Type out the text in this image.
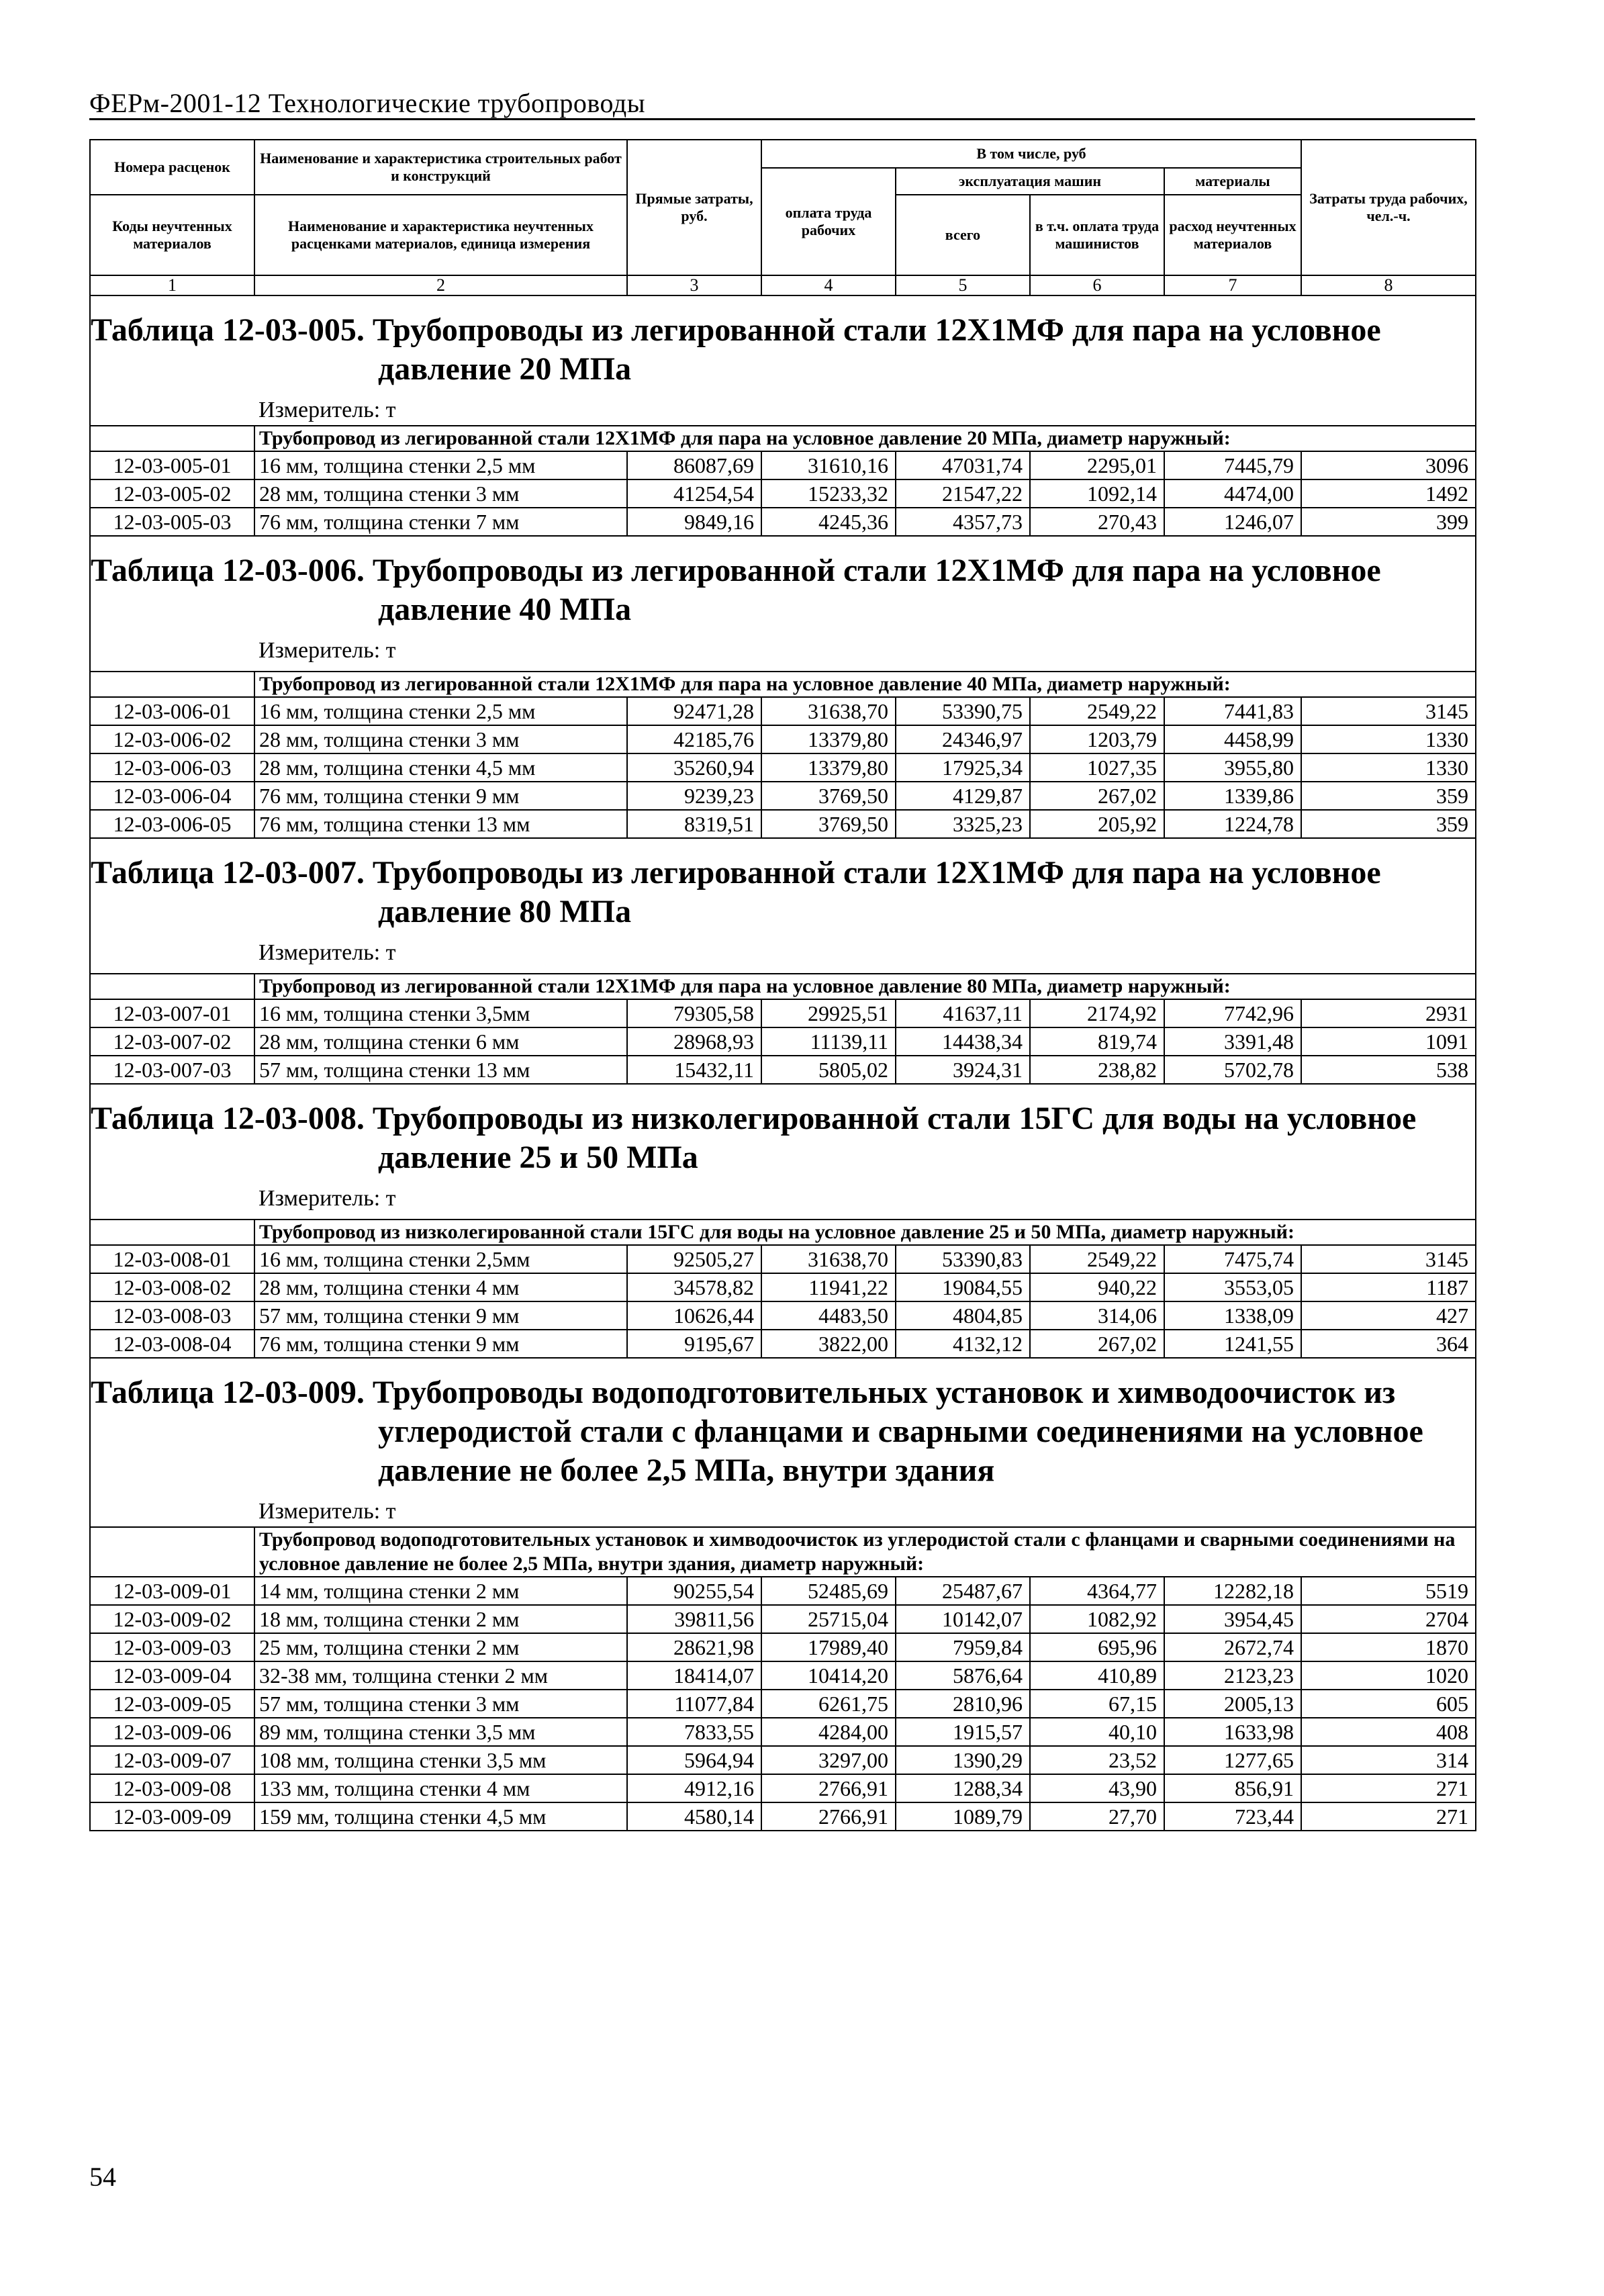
ФЕРм-2001-12 Технологические трубопроводы
Номера расценок	Наименование и характеристика строительных работ и конструкций	Прямые затраты, руб.	В том числе, руб				Затраты труда рабочих, чел.-ч.
			оплата труда рабочих	эксплуатация машин		материалы	
Коды неучтенных материалов	Наименование и характеристика неучтенных расценками материалов, единица измерения			всего	в т.ч. оплата труда машинистов	расход неучтенных материалов	

1	2	3	4	5	6	7	8

Таблица 12-03-005. Трубопроводы из легированной стали 12Х1МФ для пара на условное
давление 20 МПа
Измеритель: т							

	Трубопровод из легированной стали 12Х1МФ для пара на условное давление 20 МПа, диаметр наружный:						
12-03-005-01	16 мм, толщина стенки 2,5 мм	86087,69	31610,16	47031,74	2295,01	7445,79	3096
12-03-005-02	28 мм, толщина стенки 3 мм	41254,54	15233,32	21547,22	1092,14	4474,00	1492
12-03-005-03	76 мм, толщина стенки 7 мм	9849,16	4245,36	4357,73	270,43	1246,07	399

Таблица 12-03-006. Трубопроводы из легированной стали 12Х1МФ для пара на условное
давление 40 МПа
Измеритель: т							

	Трубопровод из легированной стали 12Х1МФ для пара на условное давление 40 МПа, диаметр наружный:						
12-03-006-01	16 мм, толщина стенки 2,5 мм	92471,28	31638,70	53390,75	2549,22	7441,83	3145
12-03-006-02	28 мм, толщина стенки 3 мм	42185,76	13379,80	24346,97	1203,79	4458,99	1330
12-03-006-03	28 мм, толщина стенки 4,5 мм	35260,94	13379,80	17925,34	1027,35	3955,80	1330
12-03-006-04	76 мм, толщина стенки 9 мм	9239,23	3769,50	4129,87	267,02	1339,86	359
12-03-006-05	76 мм, толщина стенки 13 мм	8319,51	3769,50	3325,23	205,92	1224,78	359

Таблица 12-03-007. Трубопроводы из легированной стали 12Х1МФ для пара на условное
давление 80 МПа
Измеритель: т							

	Трубопровод из легированной стали 12Х1МФ для пара на условное давление 80 МПа, диаметр наружный:						
12-03-007-01	16 мм, толщина стенки 3,5мм	79305,58	29925,51	41637,11	2174,92	7742,96	2931
12-03-007-02	28 мм, толщина стенки 6 мм	28968,93	11139,11	14438,34	819,74	3391,48	1091
12-03-007-03	57 мм, толщина стенки 13 мм	15432,11	5805,02	3924,31	238,82	5702,78	538

Таблица 12-03-008. Трубопроводы из низколегированной стали 15ГС для воды на условное
давление 25 и 50 МПа
Измеритель: т							

	Трубопровод из низколегированной стали 15ГС для воды на условное давление 25 и 50 МПа, диаметр наружный:						
12-03-008-01	16 мм, толщина стенки 2,5мм	92505,27	31638,70	53390,83	2549,22	7475,74	3145
12-03-008-02	28 мм, толщина стенки 4 мм	34578,82	11941,22	19084,55	940,22	3553,05	1187
12-03-008-03	57 мм, толщина стенки 9 мм	10626,44	4483,50	4804,85	314,06	1338,09	427
12-03-008-04	76 мм, толщина стенки 9 мм	9195,67	3822,00	4132,12	267,02	1241,55	364

Таблица 12-03-009. Трубопроводы водоподготовительных установок и химводоочисток из
углеродистой стали с фланцами и сварными соединениями на условное
давление не более 2,5 МПа, внутри здания
Измеритель: т							

	Трубопровод водоподготовительных установок и химводоочисток из углеродистой стали с фланцами и сварными соединениями на условное давление не более 2,5 МПа, внутри здания, диаметр наружный:						
12-03-009-01	14 мм, толщина стенки 2 мм	90255,54	52485,69	25487,67	4364,77	12282,18	5519
12-03-009-02	18 мм, толщина стенки 2 мм	39811,56	25715,04	10142,07	1082,92	3954,45	2704
12-03-009-03	25 мм, толщина стенки 2 мм	28621,98	17989,40	7959,84	695,96	2672,74	1870
12-03-009-04	32-38 мм, толщина стенки 2 мм	18414,07	10414,20	5876,64	410,89	2123,23	1020
12-03-009-05	57 мм, толщина стенки 3 мм	11077,84	6261,75	2810,96	67,15	2005,13	605
12-03-009-06	89 мм, толщина стенки 3,5 мм	7833,55	4284,00	1915,57	40,10	1633,98	408
12-03-009-07	108 мм, толщина стенки 3,5 мм	5964,94	3297,00	1390,29	23,52	1277,65	314
12-03-009-08	133 мм, толщина стенки 4 мм	4912,16	2766,91	1288,34	43,90	856,91	271
12-03-009-09	159 мм, толщина стенки 4,5 мм	4580,14	2766,91	1089,79	27,70	723,44	271
54
